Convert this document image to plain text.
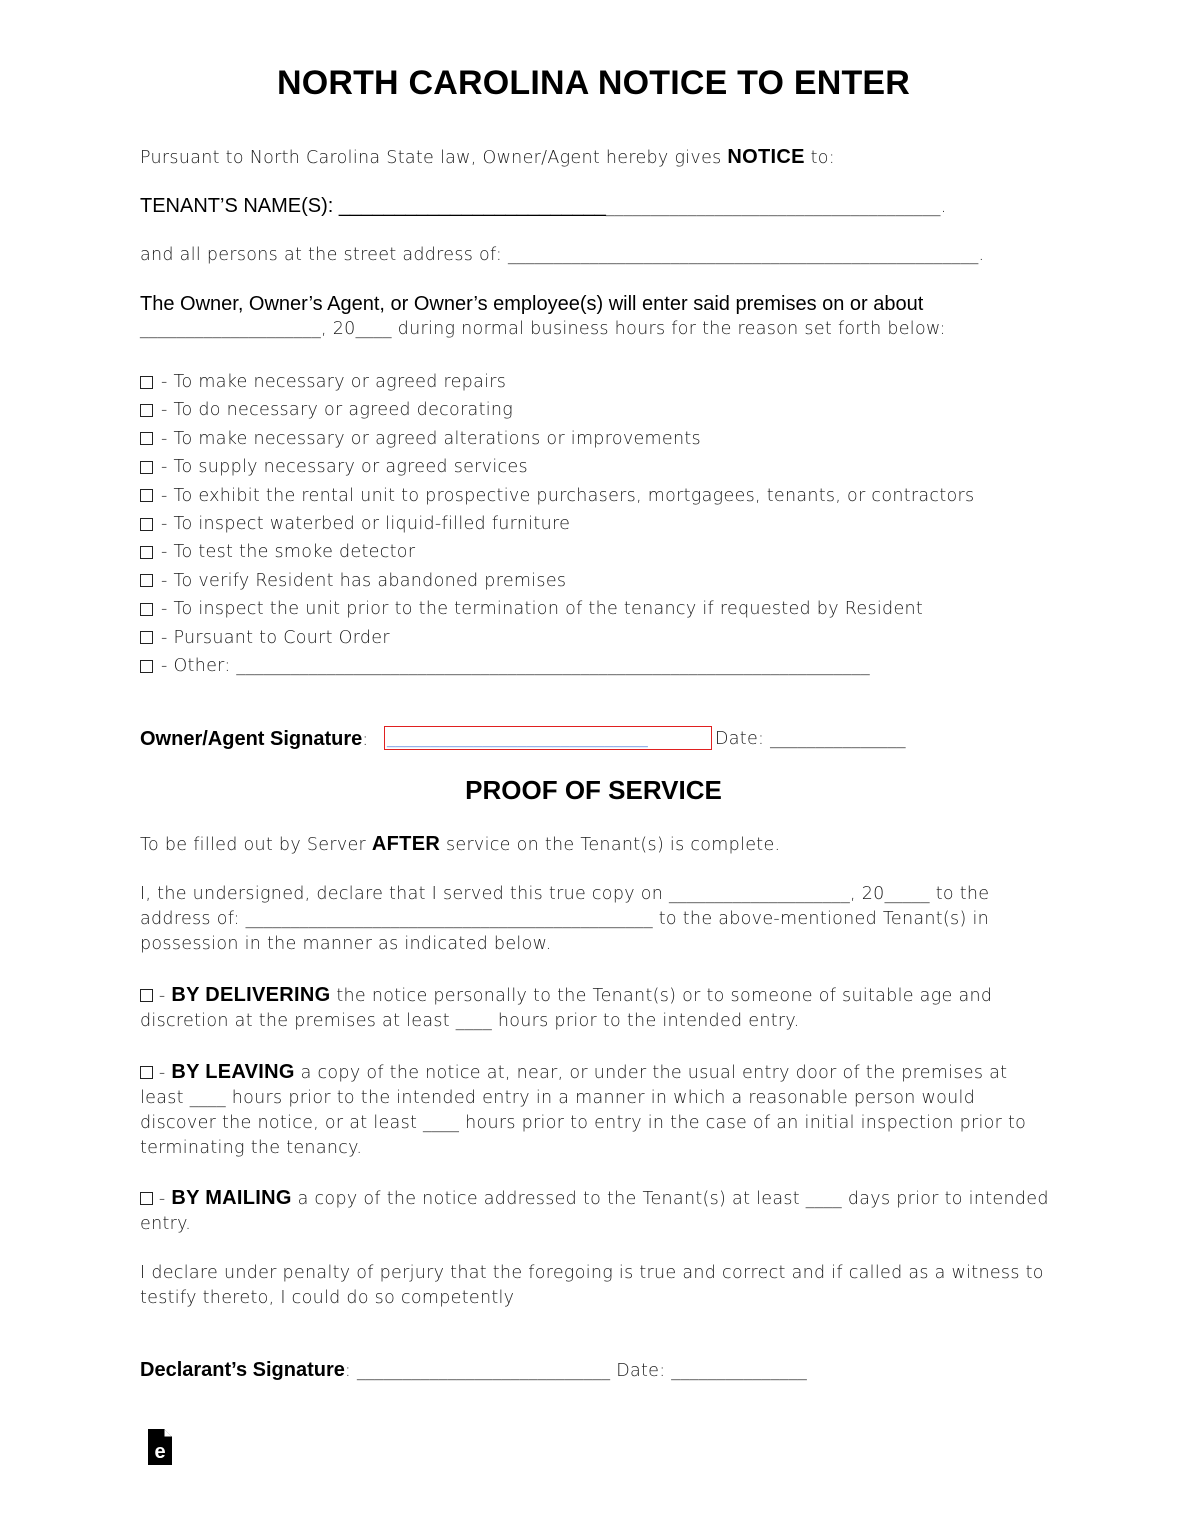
NORTH CAROLINA NOTICE TO ENTER
Pursuant to North Carolina State law, Owner/Agent hereby gives NOTICE to:
TENANT’S NAME(S): _____________________________________________________________.
and all persons at the street address of: ____________________________________________________.
The Owner, Owner’s Agent, or Owner’s employee(s) will enter said premises on or about
____________________, 20____ during normal business hours for the reason set forth below:
- To make necessary or agreed repairs
- To do necessary or agreed decorating
- To make necessary or agreed alterations or improvements
- To supply necessary or agreed services
- To exhibit the rental unit to prospective purchasers, mortgagees, tenants, or contractors
- To inspect waterbed or liquid-filled furniture
- To test the smoke detector
- To verify Resident has abandoned premises
- To inspect the unit prior to the termination of the tenancy if requested by Resident
- Pursuant to Court Order
- Other: ______________________________________________________________________
Owner/Agent Signature: ______________________________	Date: _______________
PROOF OF SERVICE
To be filled out by Server AFTER service on the Tenant(s) is complete.
I, the undersigned, declare that I served this true copy on ____________________, 20_____ to the address of: _____________________________________________ to the above-mentioned Tenant(s) in possession in the manner as indicated below.
- BY DELIVERING the notice personally to the Tenant(s) or to someone of suitable age and discretion at the premises at least ____ hours prior to the intended entry.
- BY LEAVING a copy of the notice at, near, or under the usual entry door of the premises at least ____ hours prior to the intended entry in a manner in which a reasonable person would discover the notice, or at least ____ hours prior to entry in the case of an initial inspection prior to terminating the tenancy.
- BY MAILING a copy of the notice addressed to the Tenant(s) at least ____ days prior to intended entry.
I declare under penalty of perjury that the foregoing is true and correct and if called as a witness to testify thereto, I could do so competently
Declarant’s Signature: ____________________________ Date: _______________
e
